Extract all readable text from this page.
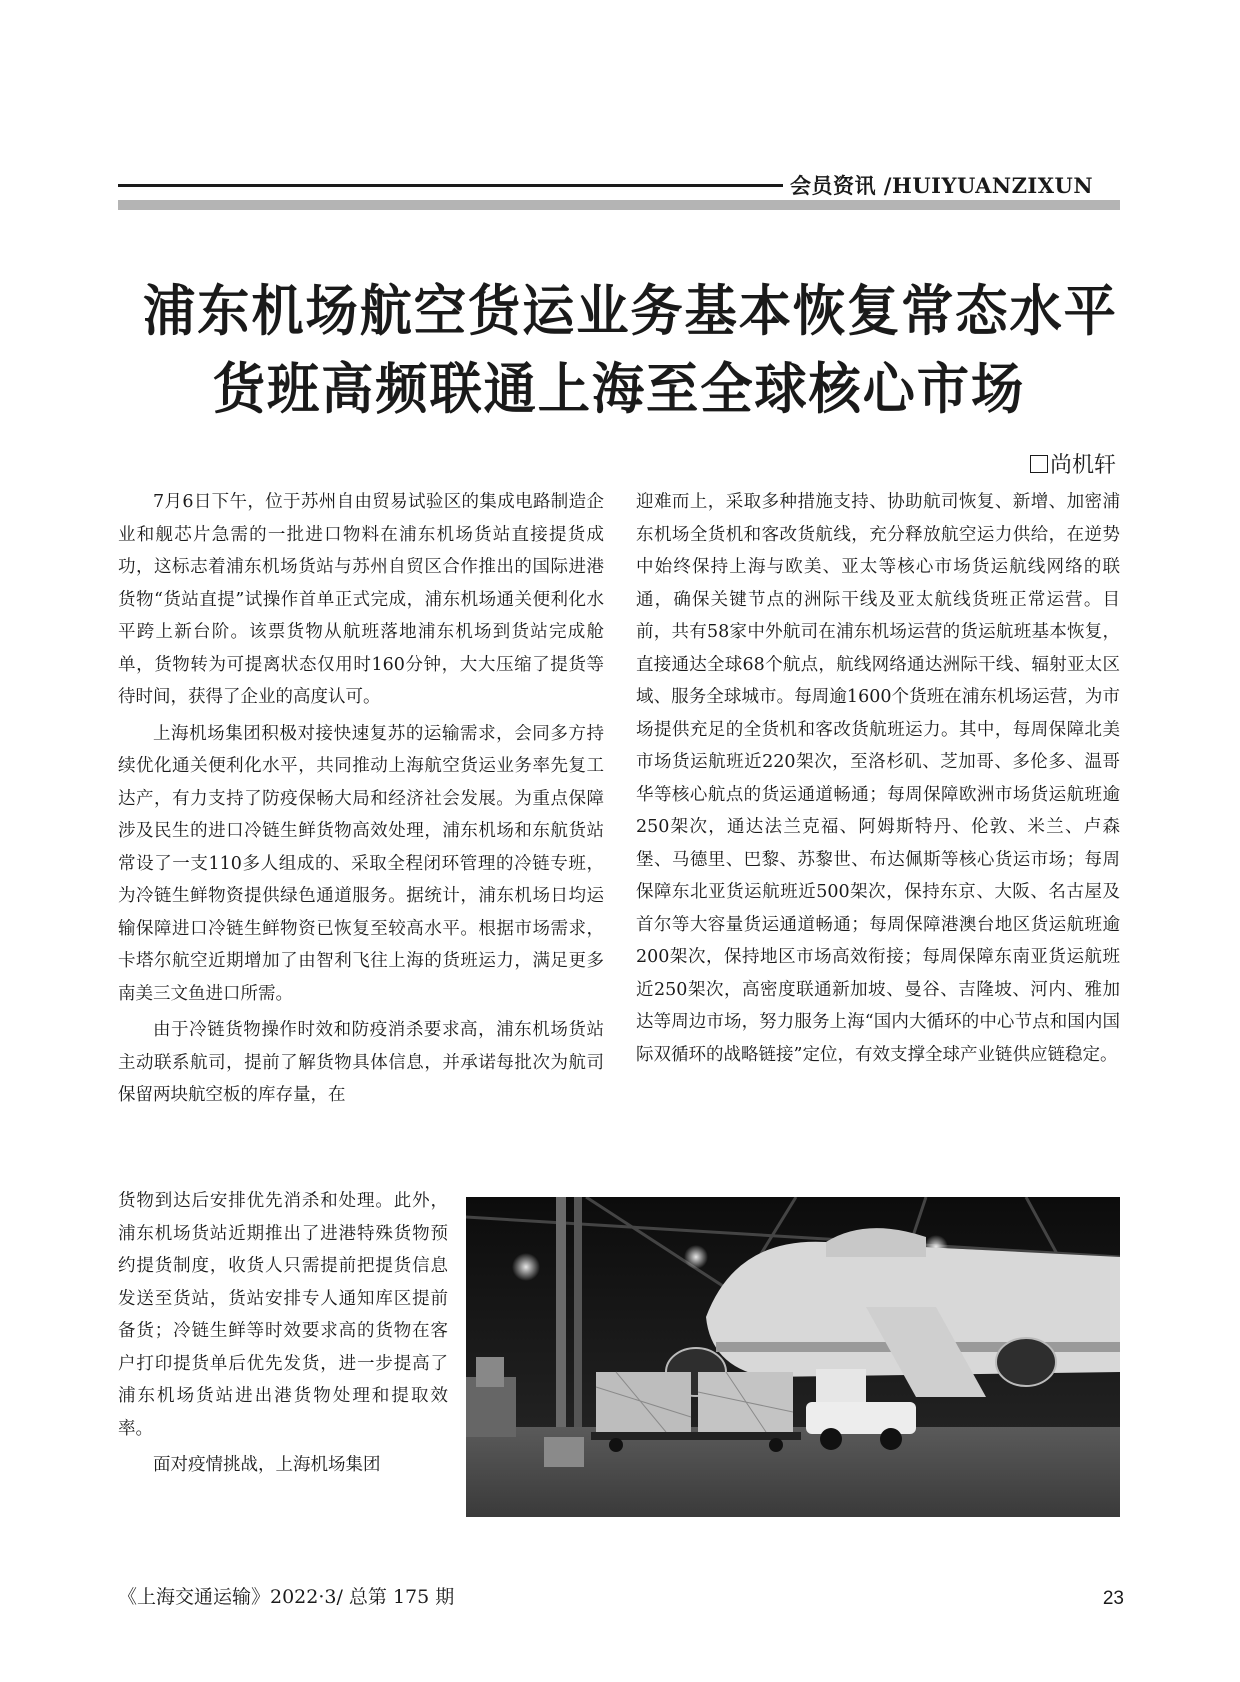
会员资讯 /HUIYUANZIXUN
浦东机场航空货运业务基本恢复常态水平
货班高频联通上海至全球核心市场
尚机轩

7月6日下午，位于苏州自由贸易试验区的集成电路制造企业和舰芯片急需的一批进口物料在浦东机场货站直接提货成功，这标志着浦东机场货站与苏州自贸区合作推出的国际进港货物“货站直提”试操作首单正式完成，浦东机场通关便利化水平跨上新台阶。该票货物从航班落地浦东机场到货站完成舱单，货物转为可提离状态仅用时160分钟，大大压缩了提货等待时间，获得了企业的高度认可。

上海机场集团积极对接快速复苏的运输需求，会同多方持续优化通关便利化水平，共同推动上海航空货运业务率先复工达产，有力支持了防疫保畅大局和经济社会发展。为重点保障涉及民生的进口冷链生鲜货物高效处理，浦东机场和东航货站常设了一支110多人组成的、采取全程闭环管理的冷链专班，为冷链生鲜物资提供绿色通道服务。据统计，浦东机场日均运输保障进口冷链生鲜物资已恢复至较高水平。根据市场需求，卡塔尔航空近期增加了由智利飞往上海的货班运力，满足更多南美三文鱼进口所需。

由于冷链货物操作时效和防疫消杀要求高，浦东机场货站主动联系航司，提前了解货物具体信息，并承诺每批次为航司保留两块航空板的库存量，在

货物到达后安排优先消杀和处理。此外，浦东机场货站近期推出了进港特殊货物预约提货制度，收货人只需提前把提货信息发送至货站，货站安排专人通知库区提前备货；冷链生鲜等时效要求高的货物在客户打印提货单后优先发货，进一步提高了浦东机场货站进出港货物处理和提取效率。

面对疫情挑战，上海机场集团

迎难而上，采取多种措施支持、协助航司恢复、新增、加密浦东机场全货机和客改货航线，充分释放航空运力供给，在逆势中始终保持上海与欧美、亚太等核心市场货运航线网络的联通，确保关键节点的洲际干线及亚太航线货班正常运营。目前，共有58家中外航司在浦东机场运营的货运航班基本恢复，直接通达全球68个航点，航线网络通达洲际干线、辐射亚太区域、服务全球城市。每周逾1600个货班在浦东机场运营，为市场提供充足的全货机和客改货航班运力。其中，每周保障北美市场货运航班近220架次，至洛杉矶、芝加哥、多伦多、温哥华等核心航点的货运通道畅通；每周保障欧洲市场货运航班逾250架次，通达法兰克福、阿姆斯特丹、伦敦、米兰、卢森堡、马德里、巴黎、苏黎世、布达佩斯等核心货运市场；每周保障东北亚货运航班近500架次，保持东京、大阪、名古屋及首尔等大容量货运通道畅通；每周保障港澳台地区货运航班逾200架次，保持地区市场高效衔接；每周保障东南亚货运航班近250架次，高密度联通新加坡、曼谷、吉隆坡、河内、雅加达等周边市场，努力服务上海“国内大循环的中心节点和国内国际双循环的战略链接”定位，有效支撑全球产业链供应链稳定。

《上海交通运输》2022·3/ 总第 175 期	23
